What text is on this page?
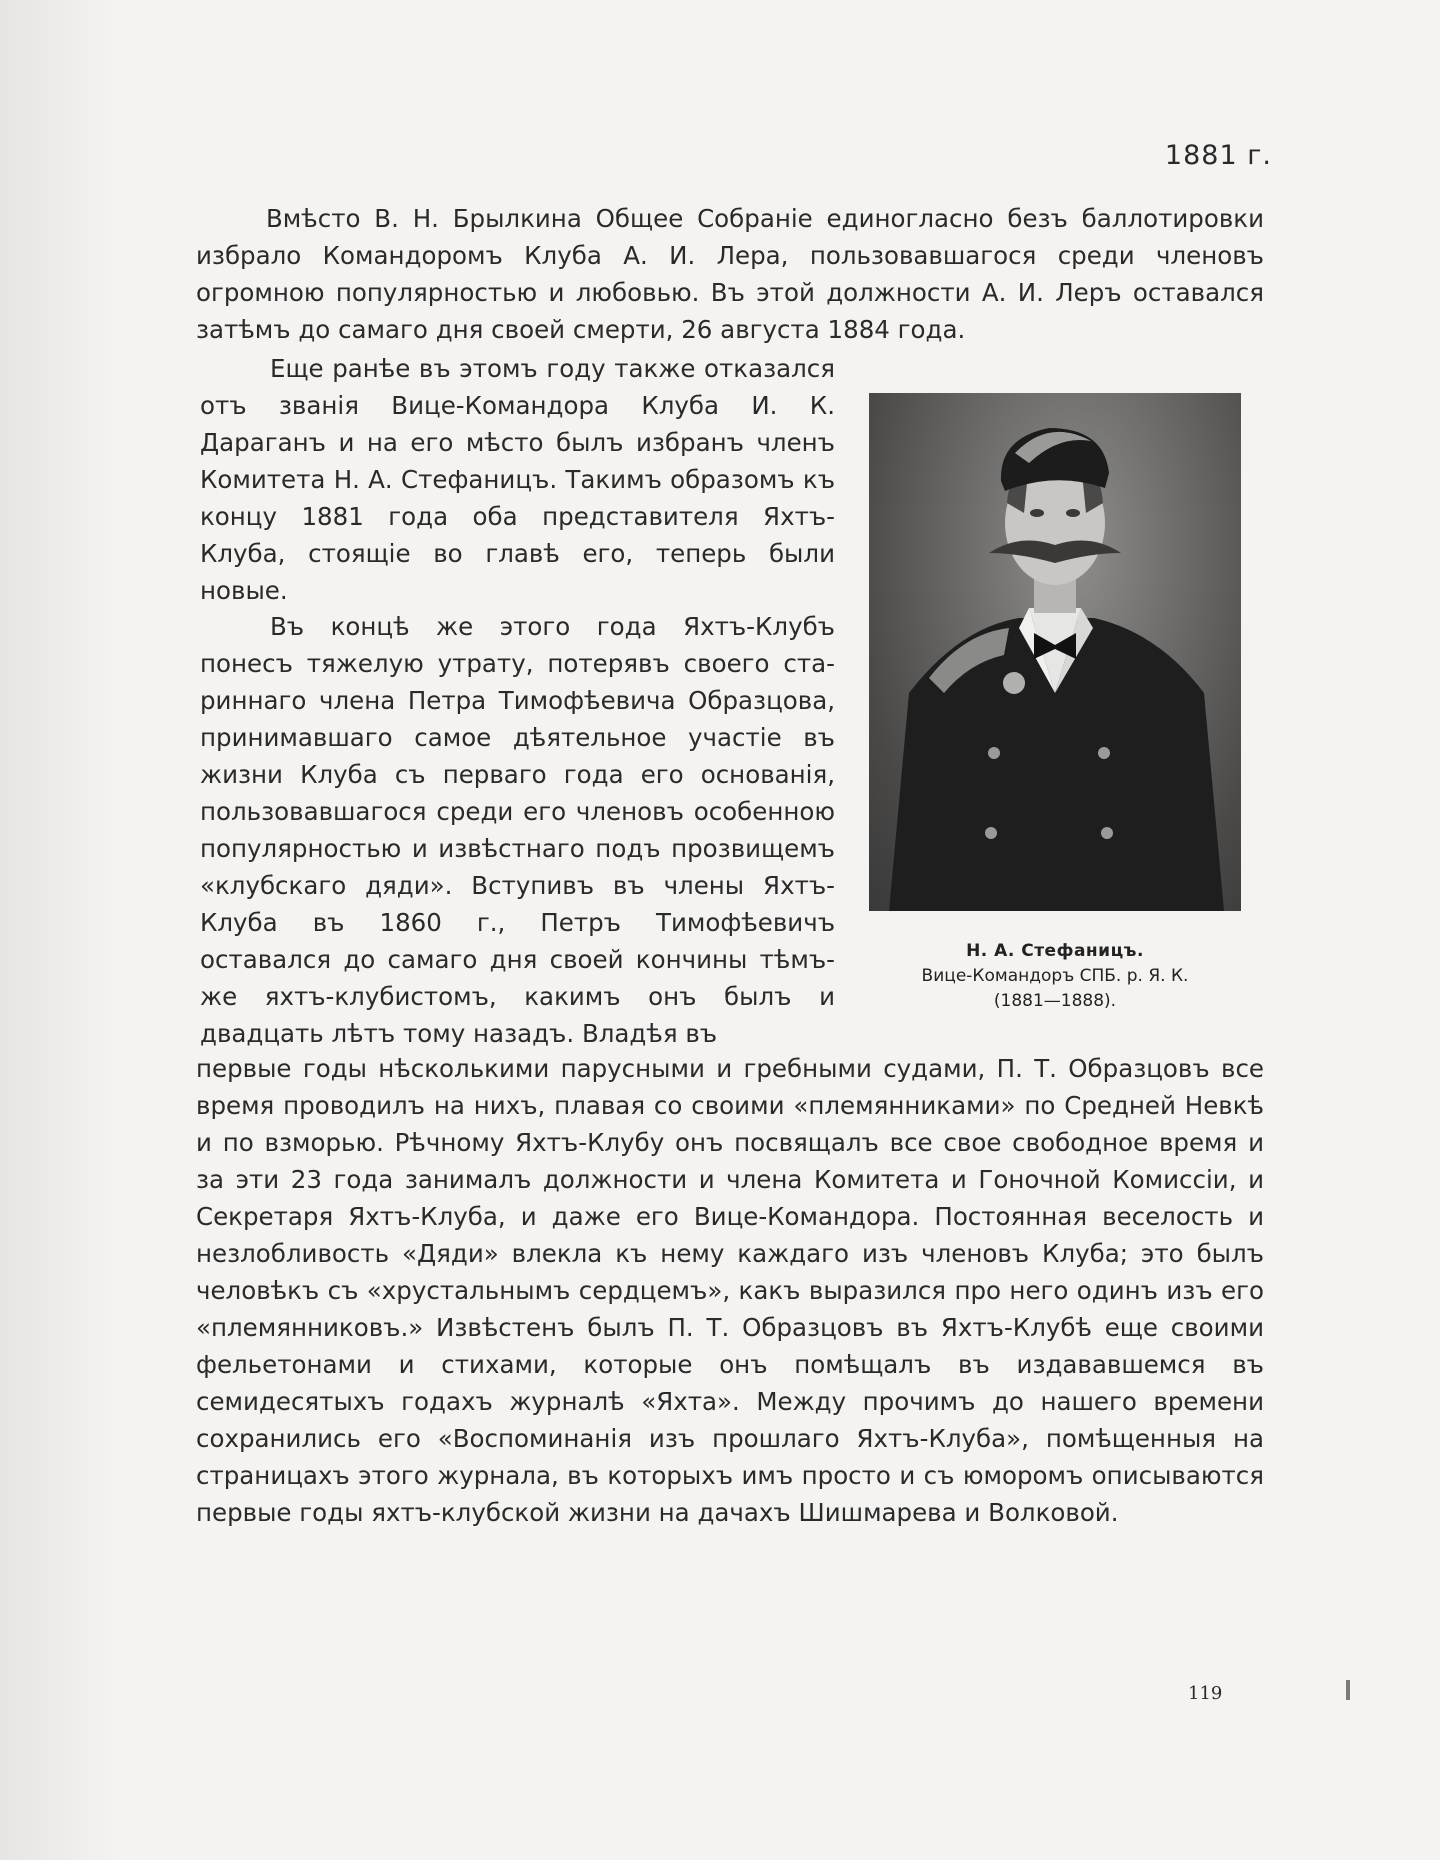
1881 г.

Вмѣсто В. Н. Брылкина Общее Собраніе единогласно безъ баллотировки избрало Командоромъ Клуба А. И. Лера, пользовавшагося среди членовъ огромною популярностью и любовью. Въ этой должности А. И. Леръ оставался затѣмъ до самаго дня своей смерти, 26 августа 1884 года.

Еще ранѣе въ этомъ году также отказался отъ званія Вице-Командора Клуба И. К. Дараганъ и на его мѣсто былъ избранъ членъ Комитета Н. А. Стефаницъ. Такимъ образомъ къ концу 1881 года оба представителя Яхтъ-Клуба, стоящіе во главѣ его, теперь были новые.

Въ концѣ же этого года Яхтъ-Клубъ понесъ тяжелую утрату, потерявъ своего стариннаго члена Петра Тимофѣевича Образцова, принимавшаго самое дѣятельное участіе въ жизни Клуба съ перваго года его основанія, пользовавшагося среди его членовъ особенною популярностью и извѣстнаго подъ прозвищемъ «клубскаго дяди». Вступивъ въ члены Яхтъ-Клуба въ 1860 г., Петръ Тимофѣевичъ оставался до самаго дня своей кончины тѣмъ-же яхтъ-клубистомъ, какимъ онъ былъ и двадцать лѣтъ тому назадъ. Владѣя въ

первые годы нѣсколькими парусными и гребными судами, П. Т. Образцовъ все время проводилъ на нихъ, плавая со своими «племянниками» по Средней Невкѣ и по взморью. Рѣчному Яхтъ-Клубу онъ посвящалъ все свое свободное время и за эти 23 года занималъ должности и члена Комитета и Гоночной Комиссіи, и Секретаря Яхтъ-Клуба, и даже его Вице-Командора. Постоянная веселость и незлобливость «Дяди» влекла къ нему каждаго изъ членовъ Клуба; это былъ человѣкъ съ «хрустальнымъ сердцемъ», какъ выразился про него одинъ изъ его «племянниковъ.» Извѣстенъ былъ П. Т. Образцовъ въ Яхтъ-Клубѣ еще своими фельетонами и стихами, которые онъ помѣщалъ въ издававшемся въ семидесятыхъ годахъ журналѣ «Яхта». Между прочимъ до нашего времени сохранились его «Воспоминанія изъ прошлаго Яхтъ-Клуба», помѣщенныя на страницахъ этого журнала, въ которыхъ имъ просто и съ юморомъ описываются первые годы яхтъ-клубской жизни на дачахъ Шишмарева и Волковой.

Н. А. Стефаницъ.
Вице-Командоръ СПБ. р. Я. К.
(1881—1888).
119
